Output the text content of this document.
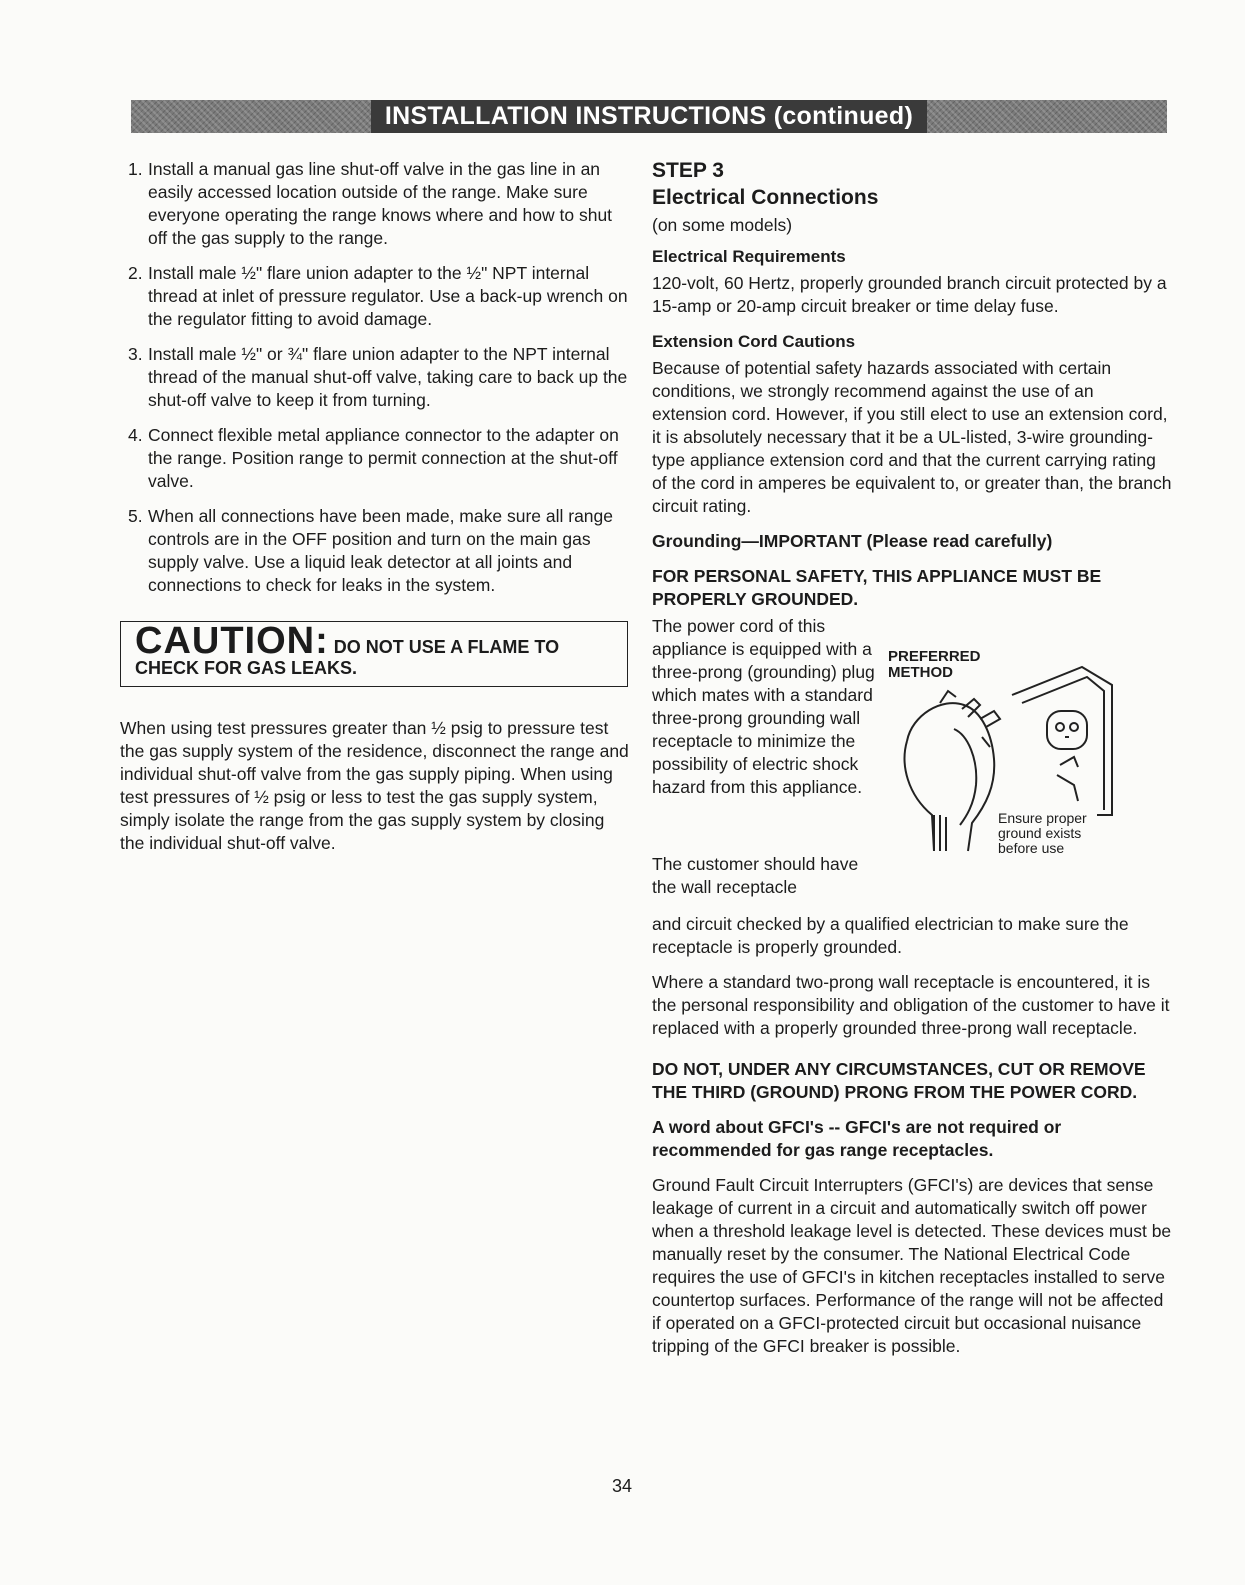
INSTALLATION INSTRUCTIONS (continued)
1. Install a manual gas line shut-off valve in the gas line in an easily accessed location outside of the range. Make sure everyone operating the range knows where and how to shut off the gas supply to the range.
2. Install male ½" flare union adapter to the ½" NPT internal thread at inlet of pressure regulator. Use a back-up wrench on the regulator fitting to avoid damage.
3. Install male ½" or ¾" flare union adapter to the NPT internal thread of the manual shut-off valve, taking care to back up the shut-off valve to keep it from turning.
4. Connect flexible metal appliance connector to the adapter on the range. Position range to permit connection at the shut-off valve.
5. When all connections have been made, make sure all range controls are in the OFF position and turn on the main gas supply valve. Use a liquid leak detector at all joints and connections to check for leaks in the system.
CAUTION: DO NOT USE A FLAME TO
CHECK FOR GAS LEAKS.

When using test pressures greater than ½ psig to pressure test the gas supply system of the residence, disconnect the range and individual shut-off valve from the gas supply piping. When using test pressures of ½ psig or less to test the gas supply system, simply isolate the range from the gas supply system by closing the individual shut-off valve.

STEP 3
Electrical Connections

(on some models)

Electrical Requirements

120-volt, 60 Hertz, properly grounded branch circuit protected by a 15-amp or 20-amp circuit breaker or time delay fuse.

Extension Cord Cautions

Because of potential safety hazards associated with certain conditions, we strongly recommend against the use of an extension cord. However, if you still elect to use an extension cord, it is absolutely necessary that it be a UL-listed, 3-wire grounding-type appliance extension cord and that the current carrying rating of the cord in amperes be equivalent to, or greater than, the branch circuit rating.

Grounding—IMPORTANT (Please read carefully)

FOR PERSONAL SAFETY, THIS APPLIANCE MUST BE PROPERLY GROUNDED.

The power cord of this appliance is equipped with a three-prong (grounding) plug which mates with a standard three-prong grounding wall receptacle to minimize the possibility of electric shock hazard from this appliance.
The customer should have the wall receptacle
PREFERRED
METHOD
Ensure proper
ground exists
before use

and circuit checked by a qualified electrician to make sure the receptacle is properly grounded.

Where a standard two-prong wall receptacle is encountered, it is the personal responsibility and obligation of the customer to have it replaced with a properly grounded three-prong wall receptacle.

DO NOT, UNDER ANY CIRCUMSTANCES, CUT OR REMOVE THE THIRD (GROUND) PRONG FROM THE POWER CORD.

A word about GFCI's -- GFCI's are not required or recommended for gas range receptacles.

Ground Fault Circuit Interrupters (GFCI's) are devices that sense leakage of current in a circuit and automatically switch off power when a threshold leakage level is detected. These devices must be manually reset by the consumer. The National Electrical Code requires the use of GFCI's in kitchen receptacles installed to serve countertop surfaces. Performance of the range will not be affected if operated on a GFCI-protected circuit but occasional nuisance tripping of the GFCI breaker is possible.

34
